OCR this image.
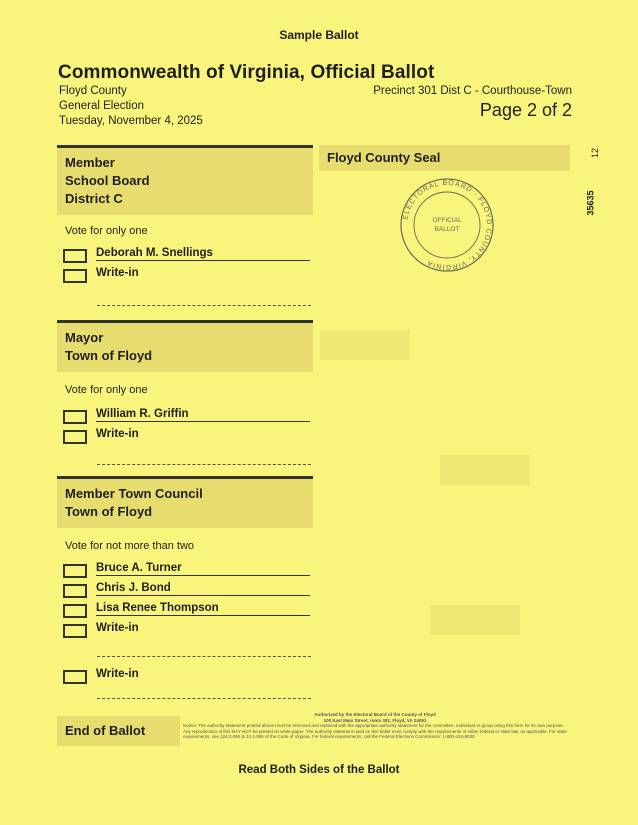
Sample Ballot
Commonwealth of Virginia, Official Ballot
Floyd County
General Election
Tuesday, November 4, 2025
Precinct 301 Dist C - Courthouse-Town
Page 2 of 2
12
35635
Member
School Board
District C
Vote for only one
Deborah M. Snellings
Write-in
Mayor
Town of Floyd
Vote for only one
William R. Griffin
Write-in
Member Town Council
Town of Floyd
Vote for not more than two
Bruce A. Turner
Chris J. Bond
Lisa Renee Thompson
Write-in
Write-in
Floyd County Seal
ELECTORAL BOARD · FLOYD COUNTY, VIRGINIA
OFFICIAL
BALLOT
End of Ballot
Authorized by the Electoral Board of the County of Floyd
100 East Main Street, room 302, Floyd, VA 24091
Notice: The authority statement printed above must be removed and replaced with the appropriate authority statement for the committee, individual or group using this form for its own purpose. Any reproduction of this MAY NOT be printed on white paper. The authority statement used on this ballot must comply with the requirements of either federal or state law, as applicable. For state requirements, see §24.2-955 & 24.2-956 of the Code of Virginia. For federal requirements, call the Federal Elections Commission: 1-800-424-9530
Read Both Sides of the Ballot
